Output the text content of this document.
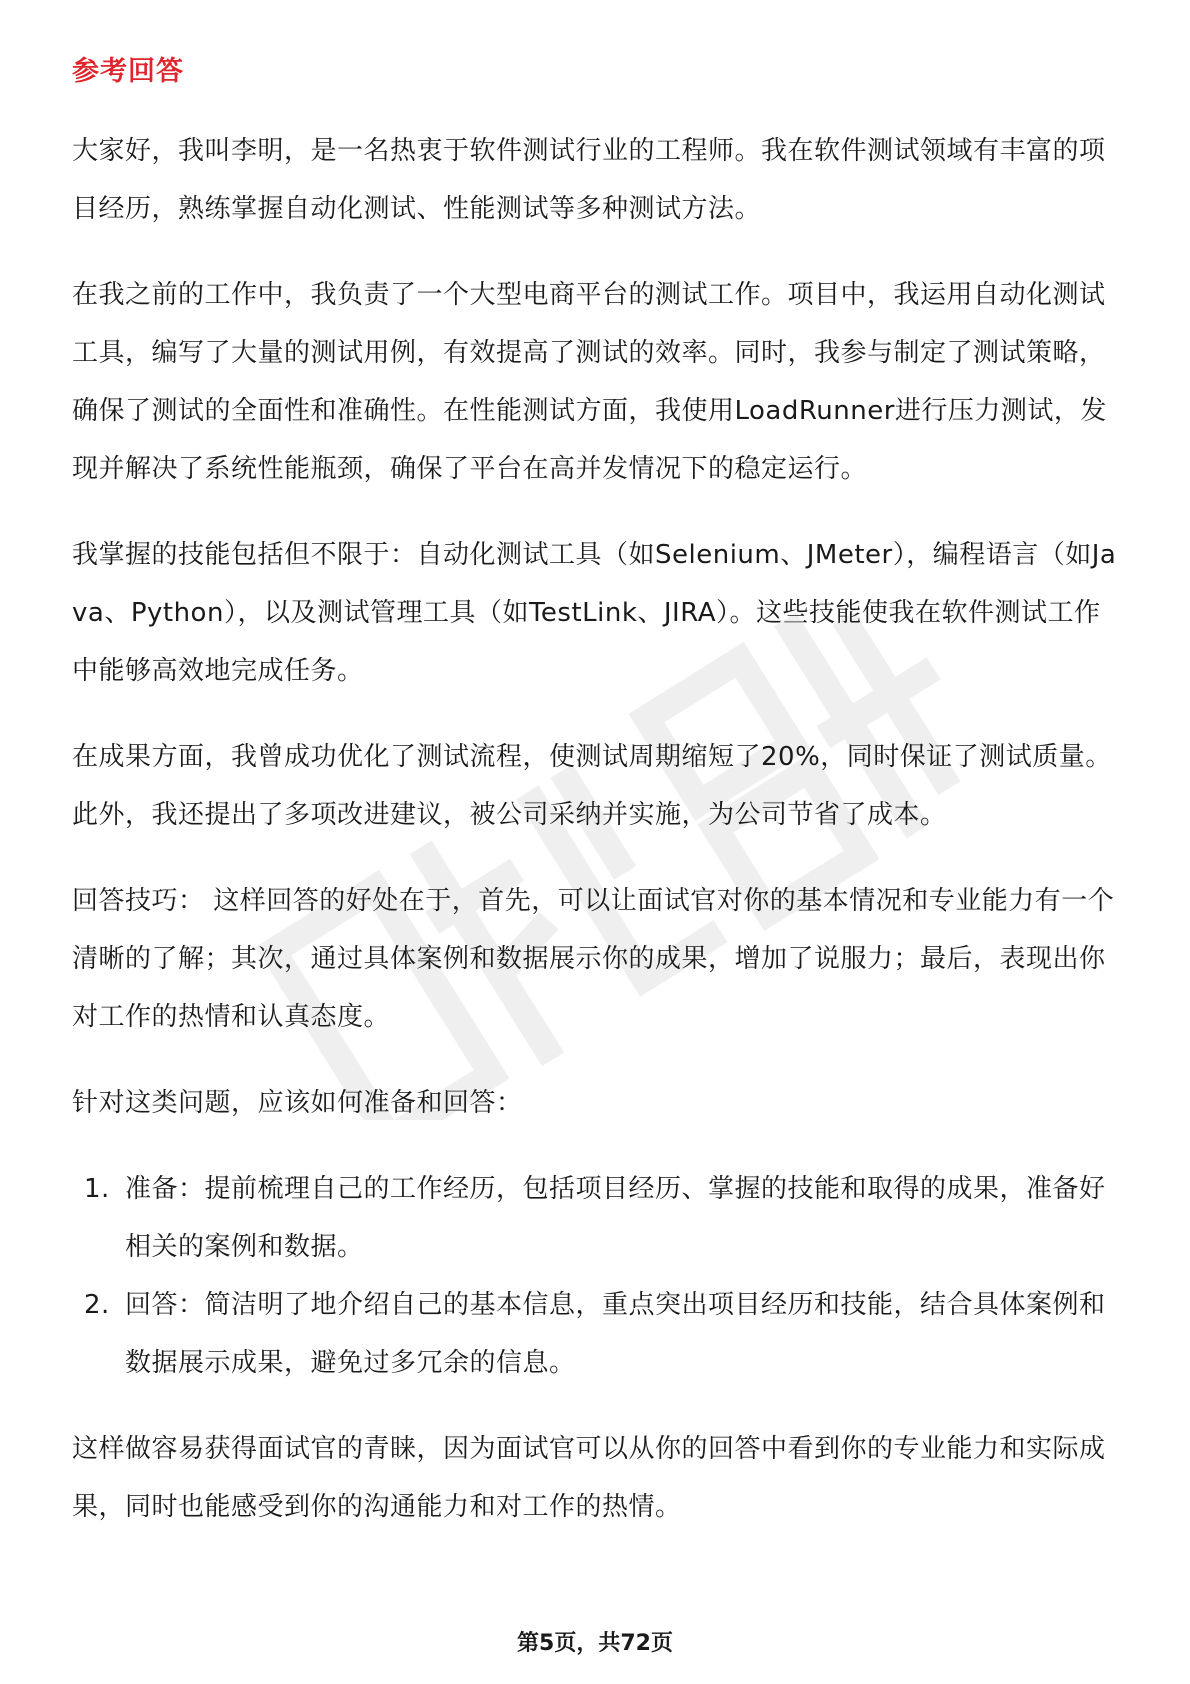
参考回答

大家好，我叫李明，是一名热衷于软件测试行业的工程师。我在软件测试领域有丰富的项目经历，熟练掌握自动化测试、性能测试等多种测试方法。

在我之前的工作中，我负责了一个大型电商平台的测试工作。项目中，我运用自动化测试工具，编写了大量的测试用例，有效提高了测试的效率。同时，我参与制定了测试策略，确保了测试的全面性和准确性。在性能测试方面，我使用LoadRunner进行压力测试，发现并解决了系统性能瓶颈，确保了平台在高并发情况下的稳定运行。

我掌握的技能包括但不限于：自动化测试工具（如Selenium、JMeter），编程语言（如Java、Python），以及测试管理工具（如TestLink、JIRA）。这些技能使我在软件测试工作中能够高效地完成任务。

在成果方面，我曾成功优化了测试流程，使测试周期缩短了20%，同时保证了测试质量。此外，我还提出了多项改进建议，被公司采纳并实施，为公司节省了成本。

回答技巧： 这样回答的好处在于，首先，可以让面试官对你的基本情况和专业能力有一个清晰的了解；其次，通过具体案例和数据展示你的成果，增加了说服力；最后，表现出你对工作的热情和认真态度。

针对这类问题，应该如何准备和回答：

1. 准备：提前梳理自己的工作经历，包括项目经历、掌握的技能和取得的成果，准备好相关的案例和数据。
2. 回答：简洁明了地介绍自己的基本信息，重点突出项目经历和技能，结合具体案例和数据展示成果，避免过多冗余的信息。

这样做容易获得面试官的青睐，因为面试官可以从你的回答中看到你的专业能力和实际成果，同时也能感受到你的沟通能力和对工作的热情。

第5页，共72页
